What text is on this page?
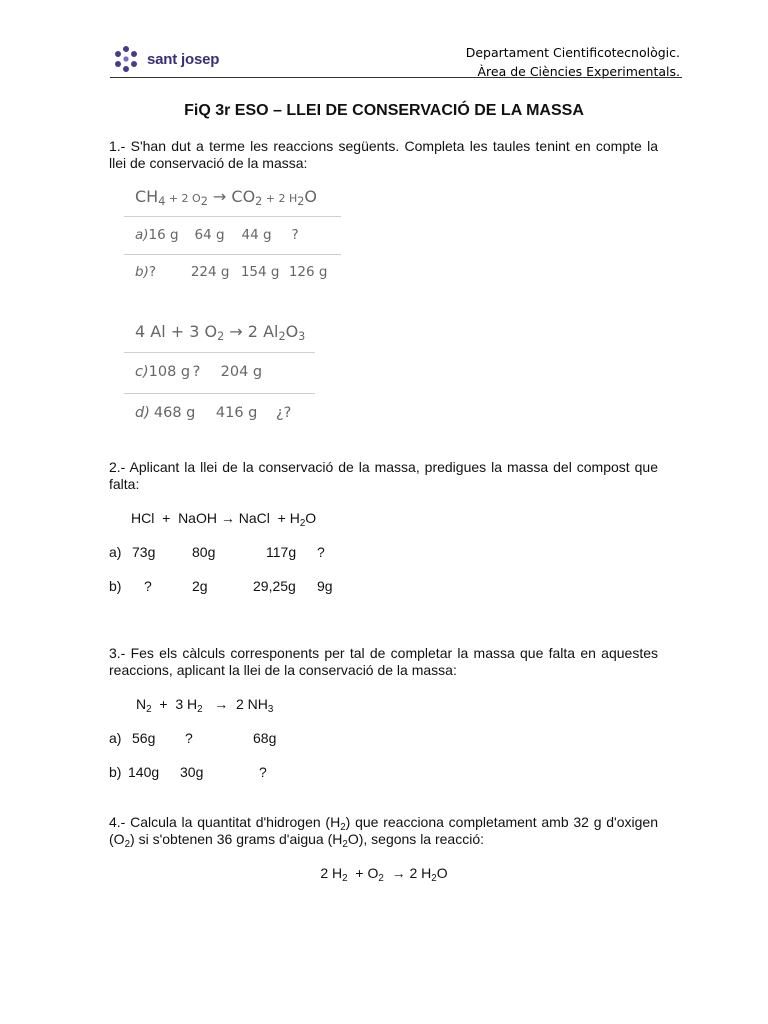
sant josep	Departament Cientificotecnològic.
Àrea de Ciències Experimentals.
FiQ 3r ESO – LLEI DE CONSERVACIÓ DE LA MASSA
1.- S'han dut a terme les reaccions següents. Completa les taules tenint en compte la llei de conservació de la massa:
$CH_4 + 2$ $O_2 \to CO_2 + 2$ $H_2O$
a)16 g 64 g 44 g ?
b)?	224 g 154 g 126 g
4 Al + 3 $O_2 \to 2$ $Al_2O_3$
c)108 g ? 204 g
d) 468 g 416 g ¿?
2.- Aplicant la llei de la conservació de la massa, predigues la massa del compost que falta:
HCl  +  NaOH → NaCl  + $H_2O$
a) 73g	80g	117g ?
b) ?	2g	29,25g 9g
3.- Fes els càlculs corresponents per tal de completar la massa que falta en aquestes reaccions, aplicant la llei de la conservació de la massa:
$N_2 + 3$ $H_2 \to 2$ $NH_3$
a) 56g ?	68g
b) 140g 30g	?
4.- Calcula la quantitat d'hidrogen $(H_2)$ que reacciona completament amb 32 g d'oxigen $(O_2)$ si s'obtenen 36 grams d'aigua $(H_2O)$, segons la reacció:
2 $H_2 + O_2 \to 2$ $H_2O$
